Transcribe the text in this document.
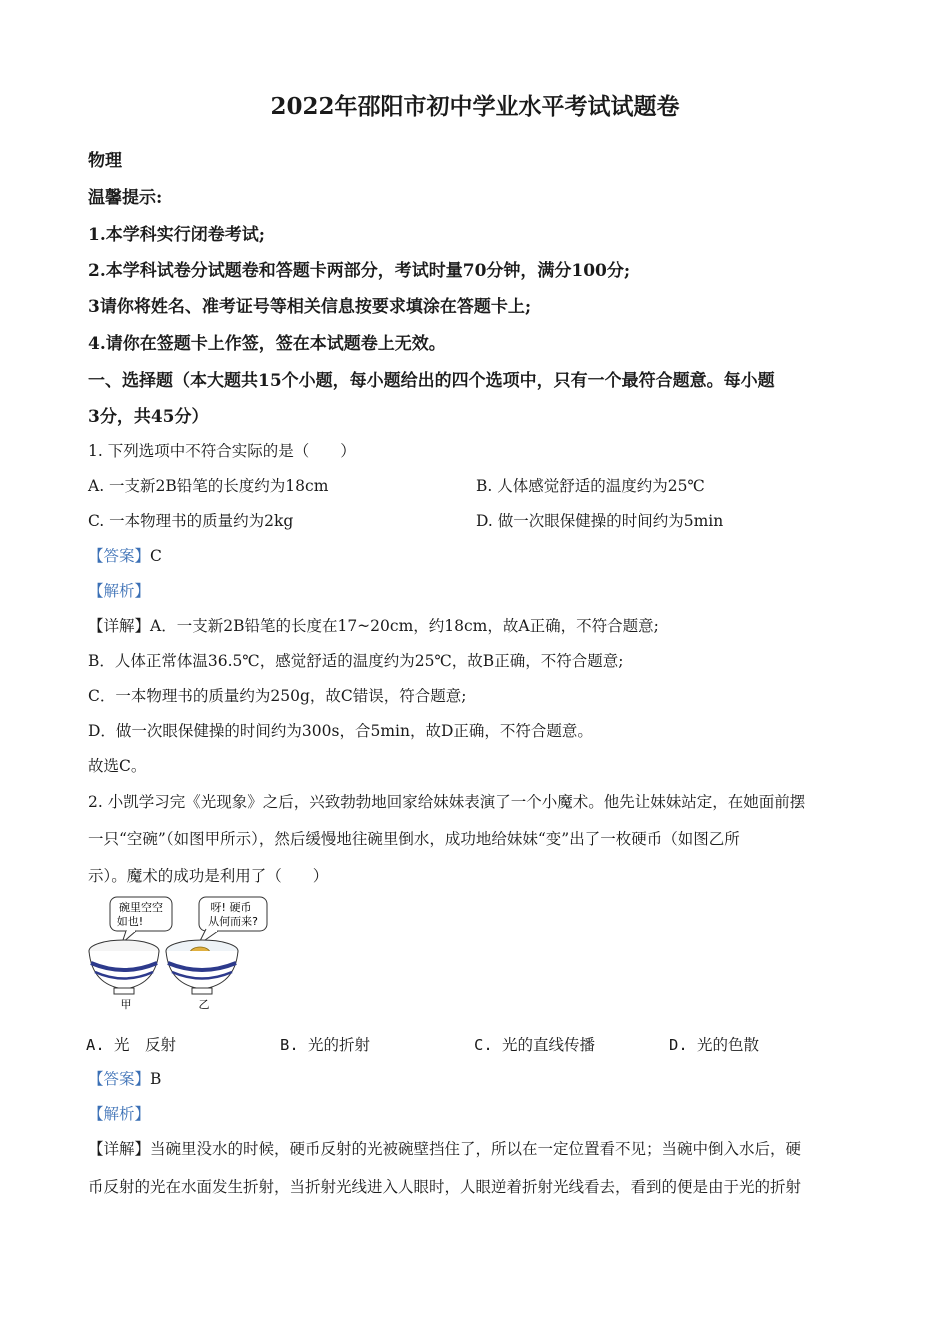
2022年邵阳市初中学业水平考试试题卷
物理
温馨提示:
1.本学科实行闭卷考试;
2.本学科试卷分试题卷和答题卡两部分，考试时量70分钟，满分100分;
3请你将姓名、准考证号等相关信息按要求填涂在答题卡上;
4.请你在签题卡上作签，签在本试题卷上无效。
一、选择题（本大题共15个小题，每小题给出的四个选项中，只有一个最符合题意。每小题
3分，共45分）
1. 下列选项中不符合实际的是（　　）
A. 一支新2B铅笔的长度约为18cm	B. 人体感觉舒适的温度约为25℃
C. 一本物理书的质量约为2kg	D. 做一次眼保健操的时间约为5min
【答案】C
【解析】
【详解】A．一支新2B铅笔的长度在17~20cm，约18cm，故A正确，不符合题意;
B．人体正常体温36.5℃，感觉舒适的温度约为25℃，故B正确，不符合题意;
C．一本物理书的质量约为250g，故C错误，符合题意;
D．做一次眼保健操的时间约为300s，合5min，故D正确，不符合题意。
故选C。
2. 小凯学习完《光现象》之后，兴致勃勃地回家给妹妹表演了一个小魔术。他先让妹妹站定，在她面前摆
一只“空碗”（如图甲所示），然后缓慢地往碗里倒水，成功地给妹妹“变”出了一枚硬币（如图乙所
示）。魔术的成功是利用了（　　）
碗里空空
如也!
呀! 硬币
从何而来?
甲	乙
A. 光　反射	B. 光的折射	C. 光的直线传播	D. 光的色散
【答案】B
【解析】
【详解】当碗里没水的时候，硬币反射的光被碗壁挡住了，所以在一定位置看不见；当碗中倒入水后，硬
币反射的光在水面发生折射，当折射光线进入人眼时，人眼逆着折射光线看去，看到的便是由于光的折射
